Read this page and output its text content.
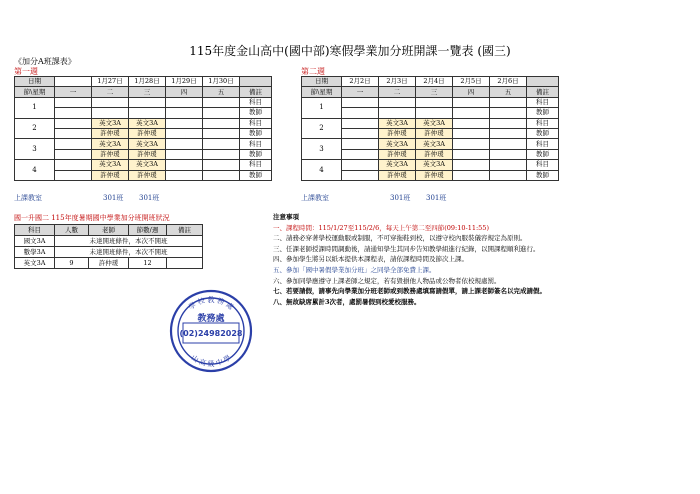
115年度金山高中(國中部)寒假學業加分班開課一覽表 (國三)
《加分A班課表》
第一週	第二週
日期		1月27日	1月28日	1月29日	1月30日	
節\星期	一	二	三	四	五	備註
1						科目
						教師
2		英文3A	英文3A			科目
		許仲瑗	許仲瑗			教師
3		英文3A	英文3A			科目
		許仲瑗	許仲瑗			教師
4		英文3A	英文3A			科目
		許仲瑗	許仲瑗			教師
日期	2月2日	2月3日	2月4日	2月5日	2月6日	
節\星期	一	二	三	四	五	備註
1						科目
						教師
2		英文3A	英文3A			科目
		許仲瑗	許仲瑗			教師
3		英文3A	英文3A			科目
		許仲瑗	許仲瑗			教師
4		英文3A	英文3A			科目
		許仲瑗	許仲瑗			教師
上課教室	301班 301班	上課教室	301班 301班
國一升國二 115年度暑期國中學業加分班開班狀況
科目	人數	老師	節數/週	備註
國文3A	未達開班條件，本次不開班			
數學3A	未達開班條件，本次不開班			
英文3A	9	許仲瑗	12	
注意事項
一、課程時間：115/1/27至115/2/6，每天上午第二至四節(09:10-11:55)
二、請務必穿著學校運動服或制服，不可穿拖鞋到校，以遵守校內服裝儀容規定為原則。
三、任課老師授課時間調動後，請通知學生其同步告知教學組進行紀錄，以開課程順利進行。
四、參加學生將另以紙本提供本課程表，請依課程時間及節次上課。
五、參加「國中暑假學業加分班」之同學全部免費上課。
六、參加同學應遵守上課老師之規定，若有毀損他人物品或公物者依校規處罰。
七、若要請假，請事先向學業加分班老師或到教務處填寫請假單，請上課老師簽名以完成請假。
八、無故缺席累計3次者，處罰暑假到校愛校服務。
學 校 教 務 處
山 高 級 中 學
教務處
(02)24982028
